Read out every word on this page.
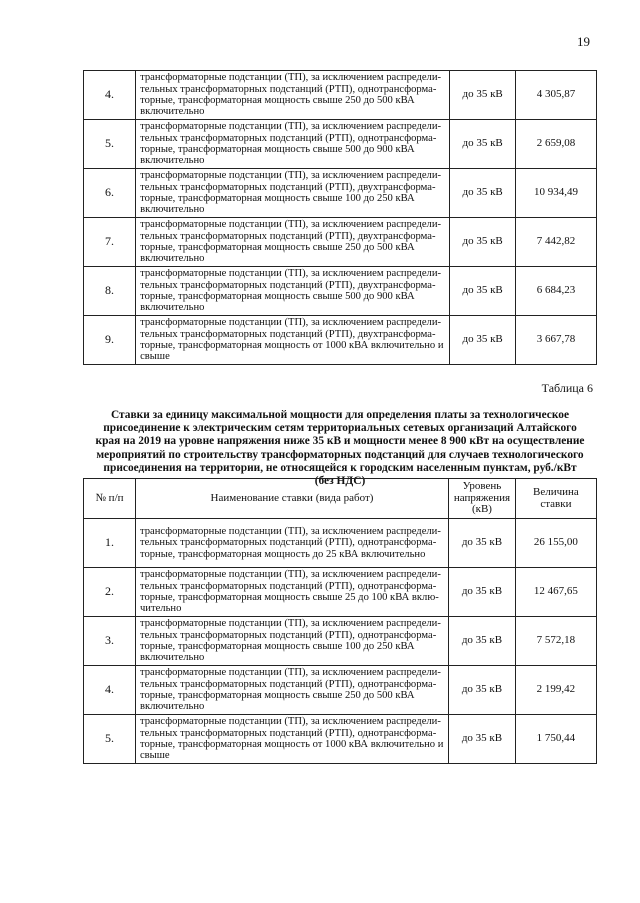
19
4.	трансформаторные подстанции (ТП), за исключением распредели-тельных трансформаторных подстанций (РТП), однотрансформа-торные, трансформаторная мощность свыше 250 до 500 кВА включительно	до 35 кВ	4 305,87
5.	трансформаторные подстанции (ТП), за исключением распредели-тельных трансформаторных подстанций (РТП), однотрансформа-торные, трансформаторная мощность свыше 500 до 900 кВА включительно	до 35 кВ	2 659,08
6.	трансформаторные подстанции (ТП), за исключением распредели-тельных трансформаторных подстанций (РТП), двухтрансформа-торные, трансформаторная мощность свыше 100 до 250 кВА включительно	до 35 кВ	10 934,49
7.	трансформаторные подстанции (ТП), за исключением распредели-тельных трансформаторных подстанций (РТП), двухтрансформа-торные, трансформаторная мощность свыше 250 до 500 кВА включительно	до 35 кВ	7 442,82
8.	трансформаторные подстанции (ТП), за исключением распредели-тельных трансформаторных подстанций (РТП), двухтрансформа-торные, трансформаторная мощность свыше 500 до 900 кВА включительно	до 35 кВ	6 684,23
9.	трансформаторные подстанции (ТП), за исключением распредели-тельных трансформаторных подстанций (РТП), двухтрансформа-торные, трансформаторная мощность от 1000 кВА включительно и свыше	до 35 кВ	3 667,78
Таблица 6
Ставки за единицу максимальной мощности для определения платы за технологическое присоединение к электрическим сетям территориальных сетевых организаций Алтайского края на 2019 на уровне напряжения ниже 35 кВ и мощности менее 8 900 кВт на осуществление мероприятий по строительству трансформаторных подстанций для случаев технологического присоединения на территории, не относящейся к городским населенным пунктам, руб./кВт (без НДС)
№ п/п	Наименование ставки (вида работ)	Уровень напряжения (кВ)	Величина ставки
1.	трансформаторные подстанции (ТП), за исключением распредели-тельных трансформаторных подстанций (РТП), однотрансформа-торные, трансформаторная мощность до 25 кВА включительно	до 35 кВ	26 155,00
2.	трансформаторные подстанции (ТП), за исключением распредели-тельных трансформаторных подстанций (РТП), однотрансформа-торные, трансформаторная мощность свыше 25 до 100 кВА вклю-чительно	до 35 кВ	12 467,65
3.	трансформаторные подстанции (ТП), за исключением распредели-тельных трансформаторных подстанций (РТП), однотрансформа-торные, трансформаторная мощность свыше 100 до 250 кВА включительно	до 35 кВ	7 572,18
4.	трансформаторные подстанции (ТП), за исключением распредели-тельных трансформаторных подстанций (РТП), однотрансформа-торные, трансформаторная мощность свыше 250 до 500 кВА включительно	до 35 кВ	2 199,42
5.	трансформаторные подстанции (ТП), за исключением распредели-тельных трансформаторных подстанций (РТП), однотрансформа-торные, трансформаторная мощность от 1000 кВА включительно и свыше	до 35 кВ	1 750,44
